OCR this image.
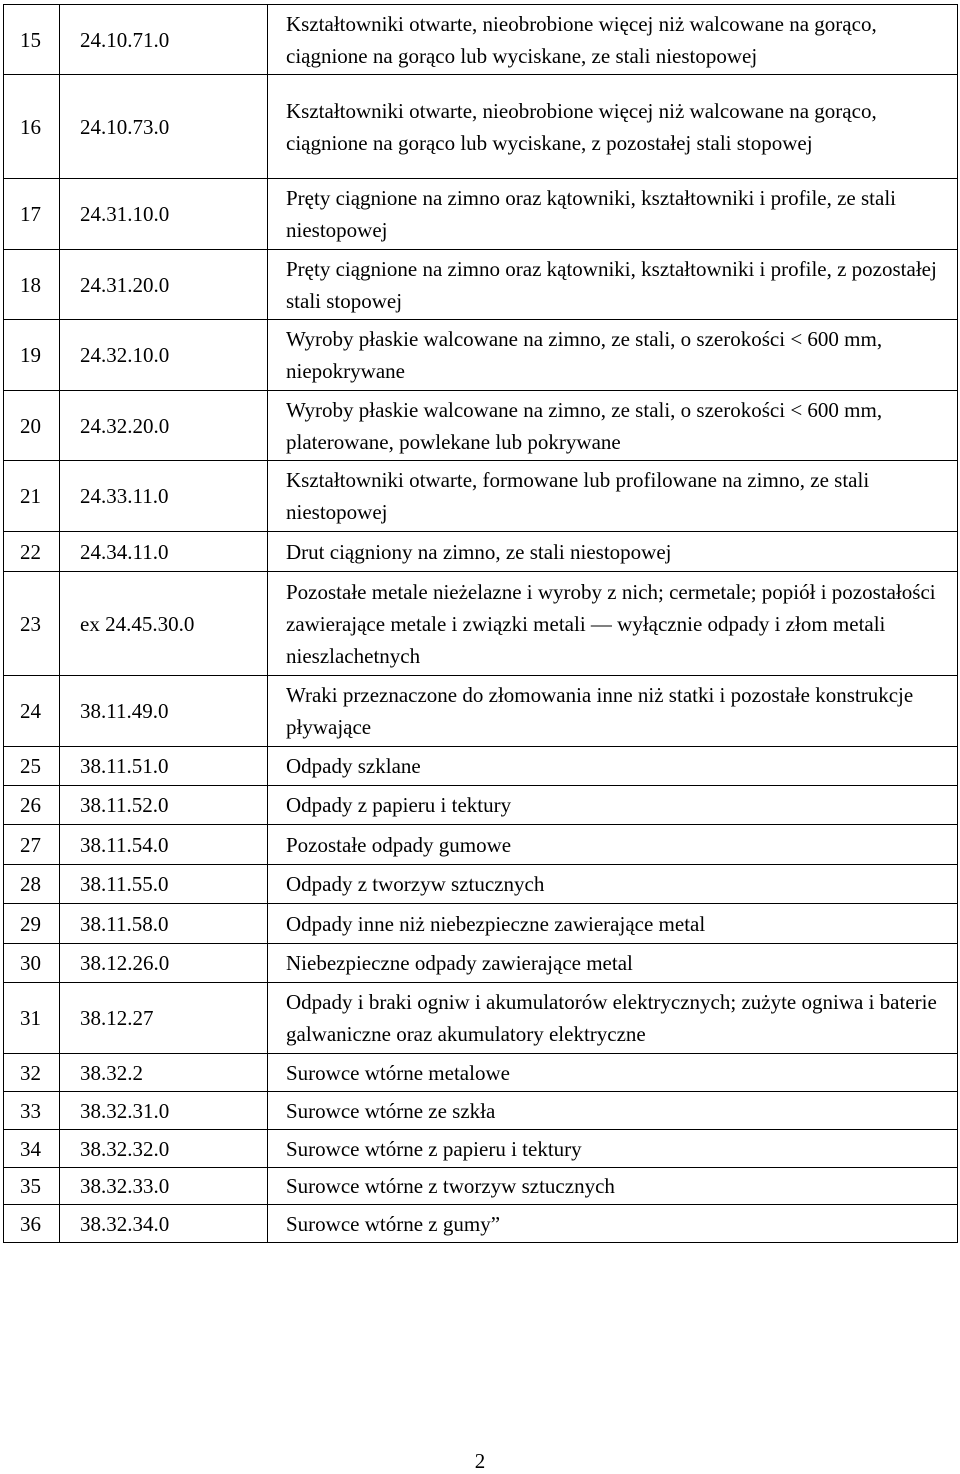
15	24.10.71.0	Kształtowniki otwarte, nieobrobione więcej niż walcowane na gorąco, ciągnione na gorąco lub wyciskane, ze stali niestopowej
16	24.10.73.0	Kształtowniki otwarte, nieobrobione więcej niż walcowane na gorąco, ciągnione na gorąco lub wyciskane, z pozostałej stali stopowej
17	24.31.10.0	Pręty ciągnione na zimno oraz kątowniki, kształtowniki i profile, ze stali niestopowej
18	24.31.20.0	Pręty ciągnione na zimno oraz kątowniki, kształtowniki i profile, z pozostałej stali stopowej
19	24.32.10.0	Wyroby płaskie walcowane na zimno, ze stali, o szerokości < 600 mm, niepokrywane
20	24.32.20.0	Wyroby płaskie walcowane na zimno, ze stali, o szerokości < 600 mm, platerowane, powlekane lub pokrywane
21	24.33.11.0	Kształtowniki otwarte, formowane lub profilowane na zimno, ze stali niestopowej
22	24.34.11.0	Drut ciągniony na zimno, ze stali niestopowej
23	ex 24.45.30.0	Pozostałe metale nieżelazne i wyroby z nich; cermetale; popiół i pozostałości zawierające metale i związki metali — wyłącznie odpady i złom metali nieszlachetnych
24	38.11.49.0	Wraki przeznaczone do złomowania inne niż statki i pozostałe konstrukcje pływające
25	38.11.51.0	Odpady szklane
26	38.11.52.0	Odpady z papieru i tektury
27	38.11.54.0	Pozostałe odpady gumowe
28	38.11.55.0	Odpady z tworzyw sztucznych
29	38.11.58.0	Odpady inne niż niebezpieczne zawierające metal
30	38.12.26.0	Niebezpieczne odpady zawierające metal
31	38.12.27	Odpady i braki ogniw i akumulatorów elektrycznych; zużyte ogniwa i baterie galwaniczne oraz akumulatory elektryczne
32	38.32.2	Surowce wtórne metalowe
33	38.32.31.0	Surowce wtórne ze szkła
34	38.32.32.0	Surowce wtórne z papieru i tektury
35	38.32.33.0	Surowce wtórne z tworzyw sztucznych
36	38.32.34.0	Surowce wtórne z gumy”
2
